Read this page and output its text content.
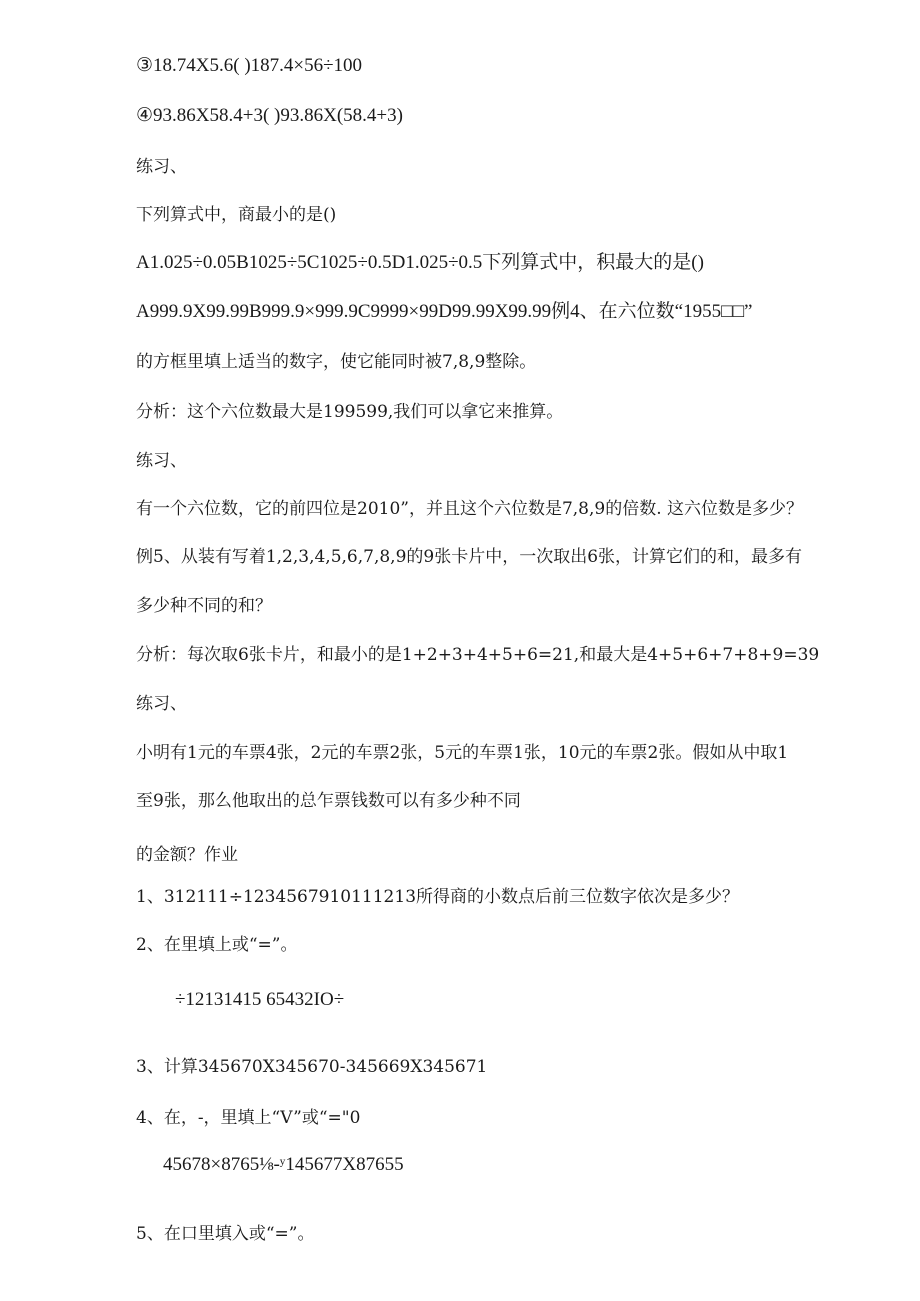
③18.74X5.6( )187.4×56÷100
④93.86X58.4+3( )93.86X(58.4+3)
练习、
下列算式中，商最小的是()
A1.025÷0.05B1025÷5C1025÷0.5D1.025÷0.5下列算式中，积最大的是()
A999.9X99.99B999.9×999.9C9999×99D99.99X99.99例4、在六位数“1955□□”
的方框里填上适当的数字，使它能同时被7,8,9整除。
分析：这个六位数最大是199599,我们可以拿它来推算。
练习、
有一个六位数，它的前四位是2010”，并且这个六位数是7,8,9的倍数. 这六位数是多少？
例5、从装有写着1,2,3,4,5,6,7,8,9的9张卡片中，一次取出6张，计算它们的和，最多有
多少种不同的和？
分析：每次取6张卡片，和最小的是1+2+3+4+5+6=21,和最大是4+5+6+7+8+9=39
练习、
小明有1元的车票4张，2元的车票2张，5元的车票1张，10元的车票2张。假如从中取1
至9张，那么他取出的总乍票钱数可以有多少种不同
的金额？作业
1、312111÷1234567910111213所得商的小数点后前三位数字依次是多少？
2、在里填上或“=”。
÷12131415 65432IO÷
3、计算345670X345670-345669X345671
4、在，-，里填上“V”或“="0
45678×8765⅛-ʸ145677X87655
5、在口里填入或“=”。
